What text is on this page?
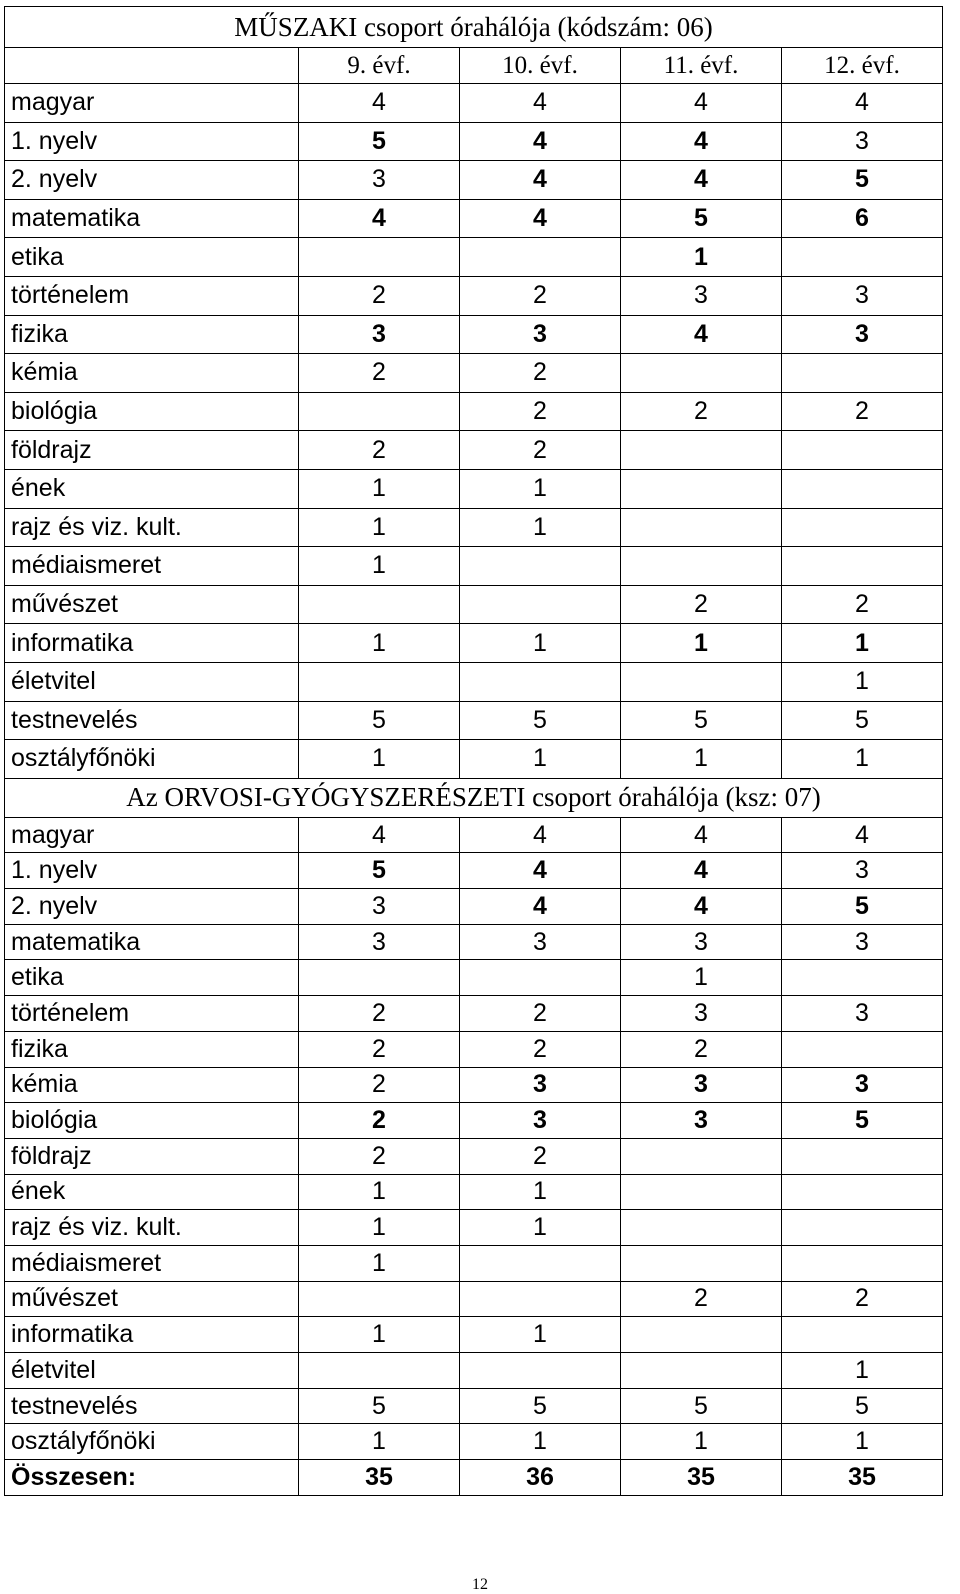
MŰSZAKI csoport órahálója (kódszám: 06)				
	9. évf.	10. évf.	11. évf.	12. évf.
magyar	4	4	4	4
1. nyelv	5	4	4	3
2. nyelv	3	4	4	5
matematika	4	4	5	6
etika			1	
történelem	2	2	3	3
fizika	3	3	4	3
kémia	2	2		
biológia		2	2	2
földrajz	2	2		
ének	1	1		
rajz és viz. kult.	1	1		
médiaismeret	1			
művészet			2	2
informatika	1	1	1	1
életvitel				1
testnevelés	5	5	5	5
osztályfőnöki	1	1	1	1
Az ORVOSI-GYÓGYSZERÉSZETI csoport órahálója (ksz: 07)				
magyar	4	4	4	4
1. nyelv	5	4	4	3
2. nyelv	3	4	4	5
matematika	3	3	3	3
etika			1	
történelem	2	2	3	3
fizika	2	2	2	
kémia	2	3	3	3
biológia	2	3	3	5
földrajz	2	2		
ének	1	1		
rajz és viz. kult.	1	1		
médiaismeret	1			
művészet			2	2
informatika	1	1		
életvitel				1
testnevelés	5	5	5	5
osztályfőnöki	1	1	1	1
Összesen:	35	36	35	35
12
